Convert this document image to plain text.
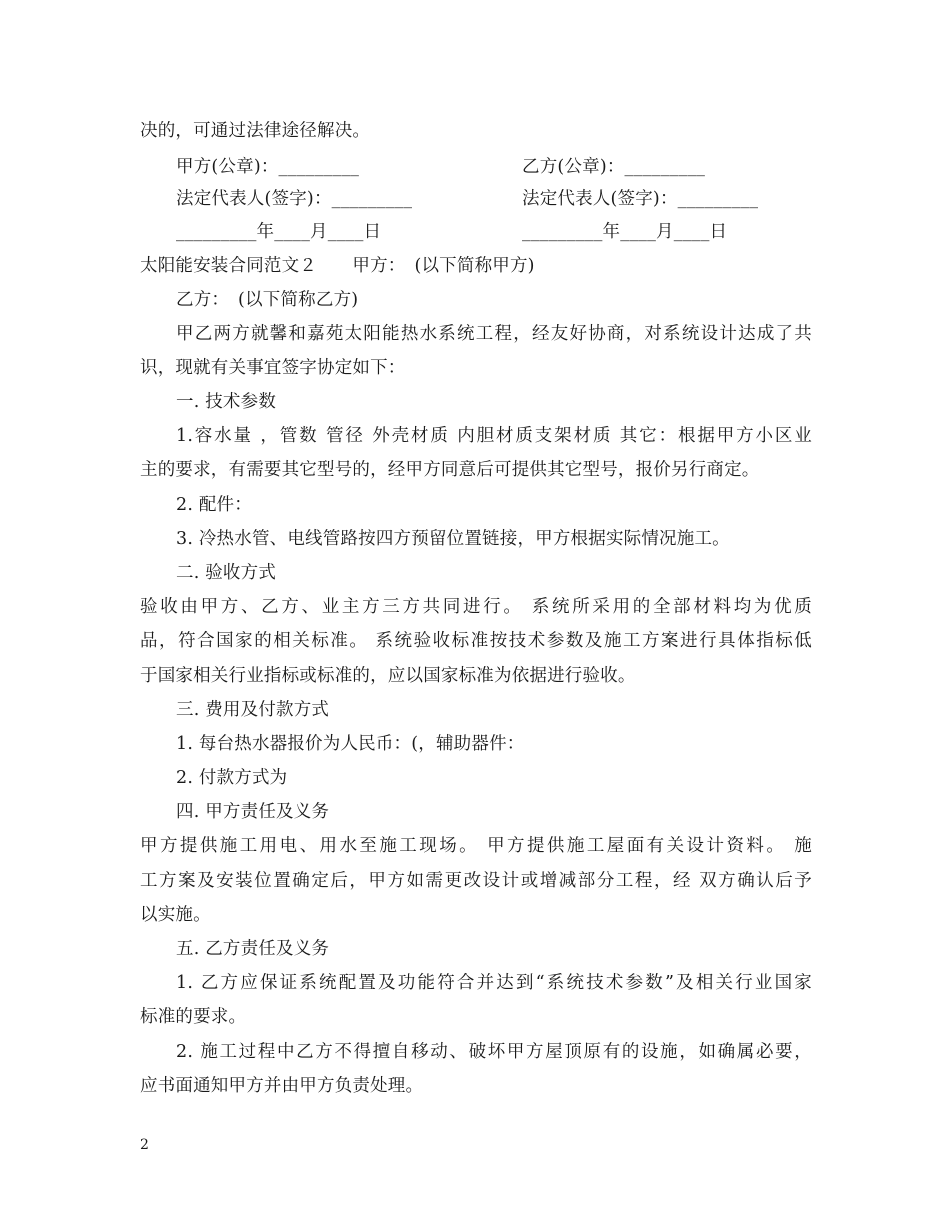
决的，可通过法律途径解决。
甲方(公章)：_________	乙方(公章)：_________
法定代表人(签字)：_________	法定代表人(签字)：_________
_________年____月____日	_________年____月____日
太阳能安装合同范文２　　甲方：　(以下简称甲方)
乙方：　(以下简称乙方)
甲乙两方就馨和嘉苑太阳能热水系统工程，经友好协商，对系统设计达成了共
识，现就有关事宜签字协定如下：
一. 技术参数
1.容水量 ，管数 管径 外壳材质 内胆材质支架材质 其它：根据甲方小区业
主的要求，有需要其它型号的，经甲方同意后可提供其它型号，报价另行商定。
2. 配件：
3. 冷热水管、电线管路按四方预留位置链接，甲方根据实际情况施工。
二. 验收方式
验收由甲方、乙方、业主方三方共同进行。 系统所采用的全部材料均为优质
品，符合国家的相关标准。 系统验收标准按技术参数及施工方案进行具体指标低
于国家相关行业指标或标准的，应以国家标准为依据进行验收。
三. 费用及付款方式
1. 每台热水器报价为人民币：(，辅助器件：
2. 付款方式为
四. 甲方责任及义务
甲方提供施工用电、用水至施工现场。 甲方提供施工屋面有关设计资料。 施
工方案及安装位置确定后，甲方如需更改设计或增减部分工程，经 双方确认后予
以实施。
五. 乙方责任及义务
1. 乙方应保证系统配置及功能符合并达到“系统技术参数”及相关行业国家
标准的要求。
2. 施工过程中乙方不得擅自移动、破坏甲方屋顶原有的设施，如确属必要，
应书面通知甲方并由甲方负责处理。
2
